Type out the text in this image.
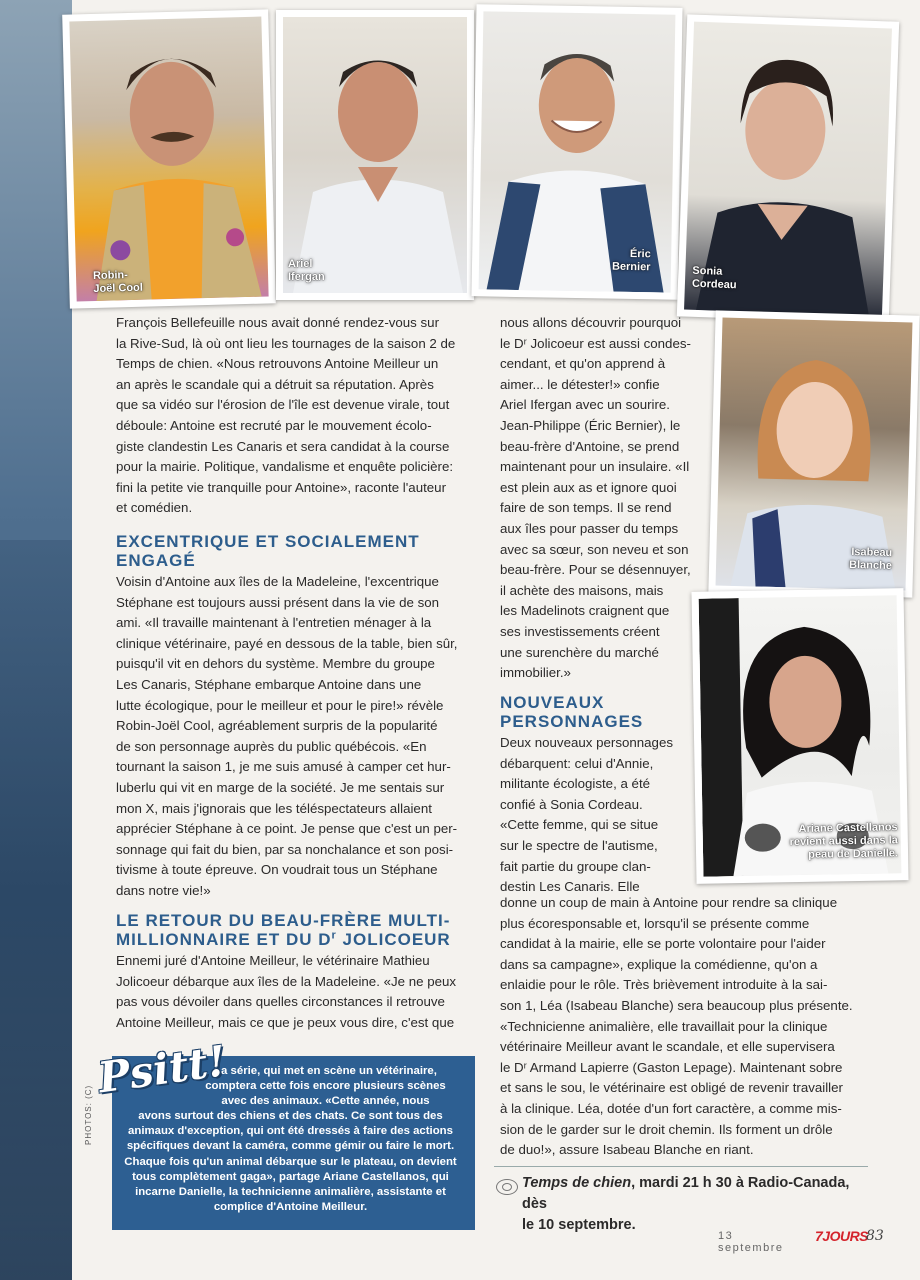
Robin-
Joël Cool
Ariel
Ifergan
Éric
Bernier	Sonia
Cordeau
Isabeau
Blanche
Ariane Castellanos
revient aussi dans la
peau de Danielle.
François Bellefeuille nous avait donné rendez-vous sur
la Rive-Sud, là où ont lieu les tournages de la saison 2 de
Temps de chien. «Nous retrouvons Antoine Meilleur un
an après le scandale qui a détruit sa réputation. Après
que sa vidéo sur l'érosion de l'île est devenue virale, tout
déboule: Antoine est recruté par le mouvement écolo-
giste clandestin Les Canaris et sera candidat à la course
pour la mairie. Politique, vandalisme et enquête policière:
fini la petite vie tranquille pour Antoine», raconte l'auteur
et comédien.
EXCENTRIQUE ET SOCIALEMENT
ENGAGÉ
Voisin d'Antoine aux îles de la Madeleine, l'excentrique
Stéphane est toujours aussi présent dans la vie de son
ami. «Il travaille maintenant à l'entretien ménager à la
clinique vétérinaire, payé en dessous de la table, bien sûr,
puisqu'il vit en dehors du système. Membre du groupe
Les Canaris, Stéphane embarque Antoine dans une
lutte écologique, pour le meilleur et pour le pire!» révèle
Robin-Joël Cool, agréablement surpris de la popularité
de son personnage auprès du public québécois. «En
tournant la saison 1, je me suis amusé à camper cet hur-
luberlu qui vit en marge de la société. Je me sentais sur
mon X, mais j'ignorais que les téléspectateurs allaient
apprécier Stéphane à ce point. Je pense que c'est un per-
sonnage qui fait du bien, par sa nonchalance et son posi-
tivisme à toute épreuve. On voudrait tous un Stéphane
dans notre vie!»
LE RETOUR DU BEAU-FRÈRE MULTI-
MILLIONNAIRE ET DU $D^r$ JOLICOEUR
Ennemi juré d'Antoine Meilleur, le vétérinaire Mathieu
Jolicoeur débarque aux îles de la Madeleine. «Je ne peux
pas vous dévoiler dans quelles circonstances il retrouve
Antoine Meilleur, mais ce que je peux vous dire, c'est que
nous allons découvrir pourquoi
le Dʳ Jolicoeur est aussi condes-
cendant, et qu'on apprend à
aimer... le détester!» confie
Ariel Ifergan avec un sourire.
Jean-Philippe (Éric Bernier), le
beau-frère d'Antoine, se prend
maintenant pour un insulaire. «Il
est plein aux as et ignore quoi
faire de son temps. Il se rend
aux îles pour passer du temps
avec sa sœur, son neveu et son
beau-frère. Pour se désennuyer,
il achète des maisons, mais
les Madelinots craignent que
ses investissements créent
une surenchère du marché
immobilier.»
NOUVEAUX
PERSONNAGES
Deux nouveaux personnages
débarquent: celui d'Annie,
militante écologiste, a été
confié à Sonia Cordeau.
«Cette femme, qui se situe
sur le spectre de l'autisme,
fait partie du groupe clan-
destin Les Canaris. Elle
donne un coup de main à Antoine pour rendre sa clinique
plus écoresponsable et, lorsqu'il se présente comme
candidat à la mairie, elle se porte volontaire pour l'aider
dans sa campagne», explique la comédienne, qu'on a
enlaidie pour le rôle. Très brièvement introduite à la sai-
son 1, Léa (Isabeau Blanche) sera beaucoup plus présente.
«Technicienne animalière, elle travaillait pour la clinique
vétérinaire Meilleur avant le scandale, et elle supervisera
le Dʳ Armand Lapierre (Gaston Lepage). Maintenant sobre
et sans le sou, le vétérinaire est obligé de revenir travailler
à la clinique. Léa, dotée d'un fort caractère, a comme mis-
sion de le garder sur le droit chemin. Ils forment un drôle
de duo!», assure Isabeau Blanche en riant.
La série, qui met en scène un vétérinaire,
comptera cette fois encore plusieurs scènes
avec des animaux. «Cette année, nous
avons surtout des chiens et des chats. Ce sont tous des
animaux d'exception, qui ont été dressés à faire des actions
spécifiques devant la caméra, comme gémir ou faire le mort.
Chaque fois qu'un animal débarque sur le plateau, on devient
tous complètement gaga», partage Ariane Castellanos, qui
incarne Danielle, la technicienne animalière, assistante et
complice d'Antoine Meilleur.
Psitt!
PHOTOS: (C)
Temps de chien, mardi 21 h 30 à Radio-Canada, dès
le 10 septembre.
13 septembre
7JOURS
83
